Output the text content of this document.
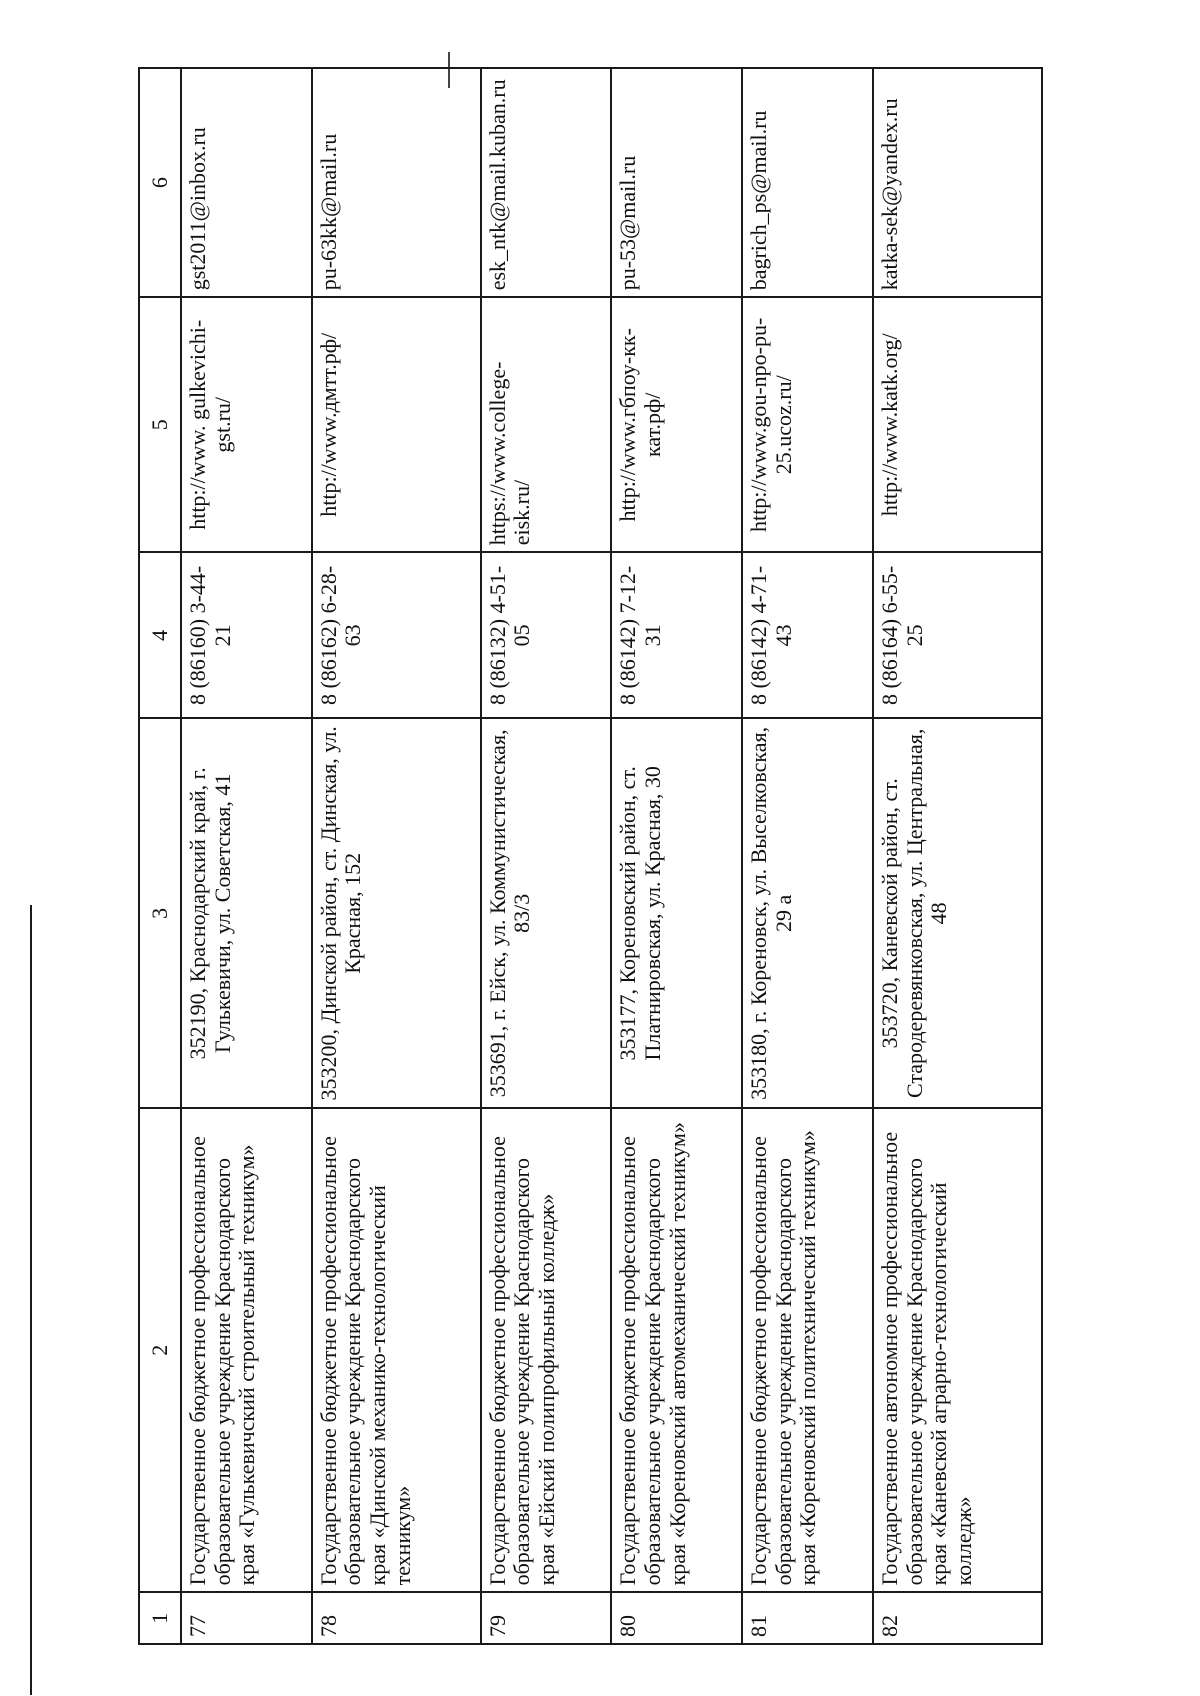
1	2	3	4	5	6
77	Государственное бюджетное профессиональное образовательное учреждение Краснодарского края «Гулькевичский строительный техникум»	352190, Краснодарский край, г. Гулькевичи, ул. Советская, 41	8 (86160) 3-44-21	http://www. gulkevichi-gst.ru/	gst2011@inbox.ru
78	Государственное бюджетное профессиональное образовательное учреждение Краснодарского края «Динской механико-технологический техникум»	353200, Динской район, ст. Динская, ул. Красная, 152	8 (86162) 6-28-63	http://www.дмтт.рф/	pu-63kk@mail.ru
79	Государственное бюджетное профессиональное образовательное учреждение Краснодарского края «Ейский полипрофильный колледж»	353691, г. Ейск, ул. Коммунистическая, 83/3	8 (86132) 4-51-05	https://www.college-eisk.ru/	esk_ntk@mail.kuban.ru
80	Государственное бюджетное профессиональное образовательное учреждение Краснодарского края «Кореновский автомеханический техникум»	353177, Кореновский район, ст. Платнировская, ул. Красная, 30	8 (86142) 7-12-31	http://www.гбпоу-кк-кат.рф/	pu-53@mail.ru
81	Государственное бюджетное профессиональное образовательное учреждение Краснодарского края «Кореновский политехнический техникум»	353180, г. Кореновск, ул. Выселковская, 29 а	8 (86142) 4-71-43	http://www.gou-npo-pu-25.ucoz.ru/	bagrich_ps@mail.ru
82	Государственное автономное профессиональное образовательное учреждение Краснодарского края «Каневской аграрно-технологический колледж»	353720, Каневской район, ст. Стародеревянковская, ул. Центральная, 48	8 (86164) 6-55-25	http://www.katk.org/	katka-sek@yandex.ru
